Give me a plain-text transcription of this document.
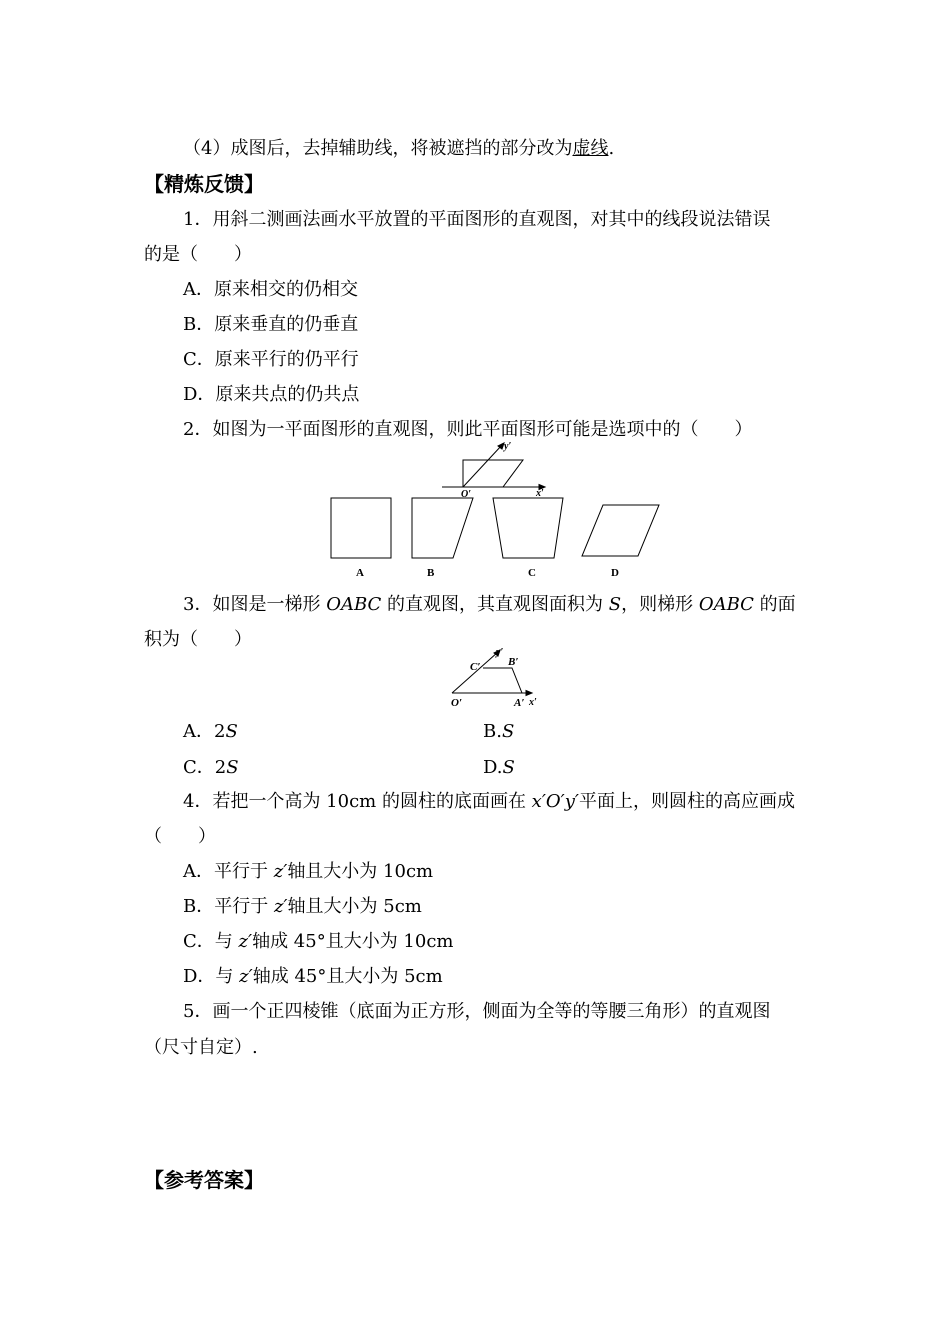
（4）成图后，去掉辅助线，将被遮挡的部分改为虚线.
【精炼反馈】
1．用斜二测画法画水平放置的平面图形的直观图，对其中的线段说法错误
的是（　　）
A．原来相交的仍相交
B．原来垂直的仍垂直
C．原来平行的仍平行
D．原来共点的仍共点
2．如图为一平面图形的直观图，则此平面图形可能是选项中的（　　）
y′
O′	x′
A	B	C	D
3．如图是一梯形 OABC 的直观图，其直观图面积为 S，则梯形 OABC 的面
积为（　　）
C′
y′
B′
O′	A′ x′
A．2S	B.S
C．2S	D.S
4．若把一个高为 10cm 的圆柱的底面画在 x′O′y′平面上，则圆柱的高应画成
（　　）
A．平行于 z′轴且大小为 10cm
B．平行于 z′轴且大小为 5cm
C．与 z′轴成 45°且大小为 10cm
D．与 z′轴成 45°且大小为 5cm
5．画一个正四棱锥（底面为正方形，侧面为全等的等腰三角形）的直观图
（尺寸自定）.
【参考答案】
